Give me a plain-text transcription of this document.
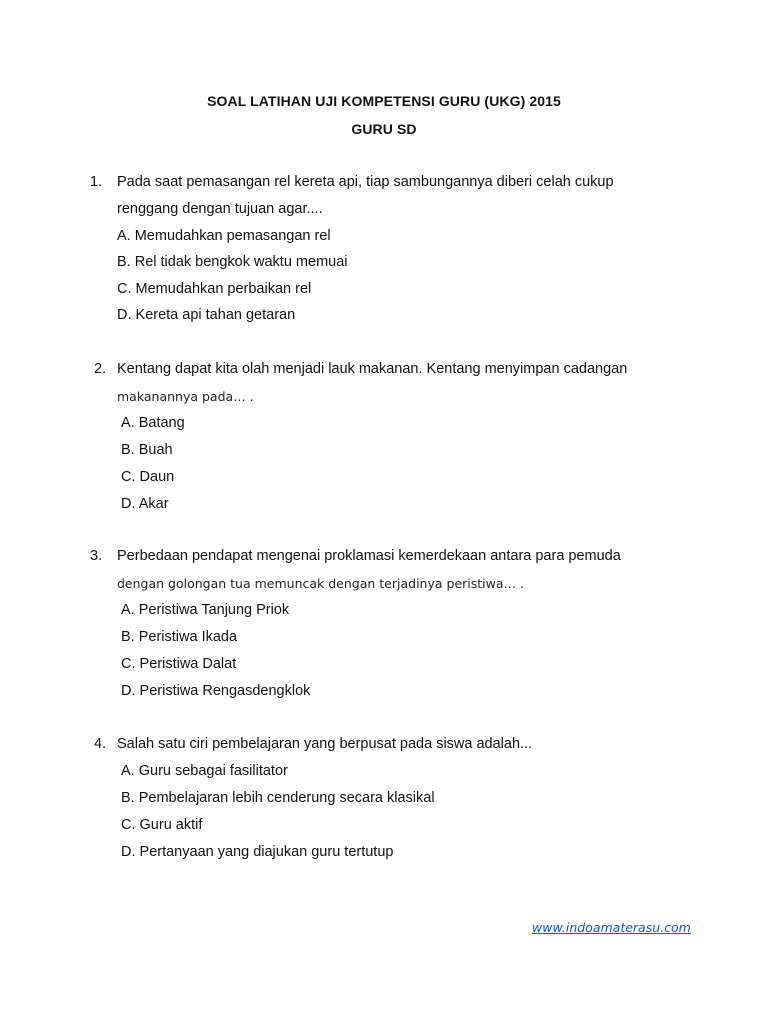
SOAL LATIHAN UJI KOMPETENSI GURU (UKG) 2015
GURU SD
1. Pada saat pemasangan rel kereta api, tiap sambungannya diberi celah cukup
renggang dengan tujuan agar....
A. Memudahkan pemasangan rel
B. Rel tidak bengkok waktu memuai
C. Memudahkan perbaikan rel
D. Kereta api tahan getaran
2. Kentang dapat kita olah menjadi lauk makanan. Kentang menyimpan cadangan
makanannya pada… .
A. Batang
B. Buah
C. Daun
D. Akar
3. Perbedaan pendapat mengenai proklamasi kemerdekaan antara para pemuda
dengan golongan tua memuncak dengan terjadinya peristiwa… .
A. Peristiwa Tanjung Priok
B. Peristiwa Ikada
C. Peristiwa Dalat
D. Peristiwa Rengasdengklok
4. Salah satu ciri pembelajaran yang berpusat pada siswa adalah...
A. Guru sebagai fasilitator
B. Pembelajaran lebih cenderung secara klasikal
C. Guru aktif
D. Pertanyaan yang diajukan guru tertutup
www.indoamaterasu.com
